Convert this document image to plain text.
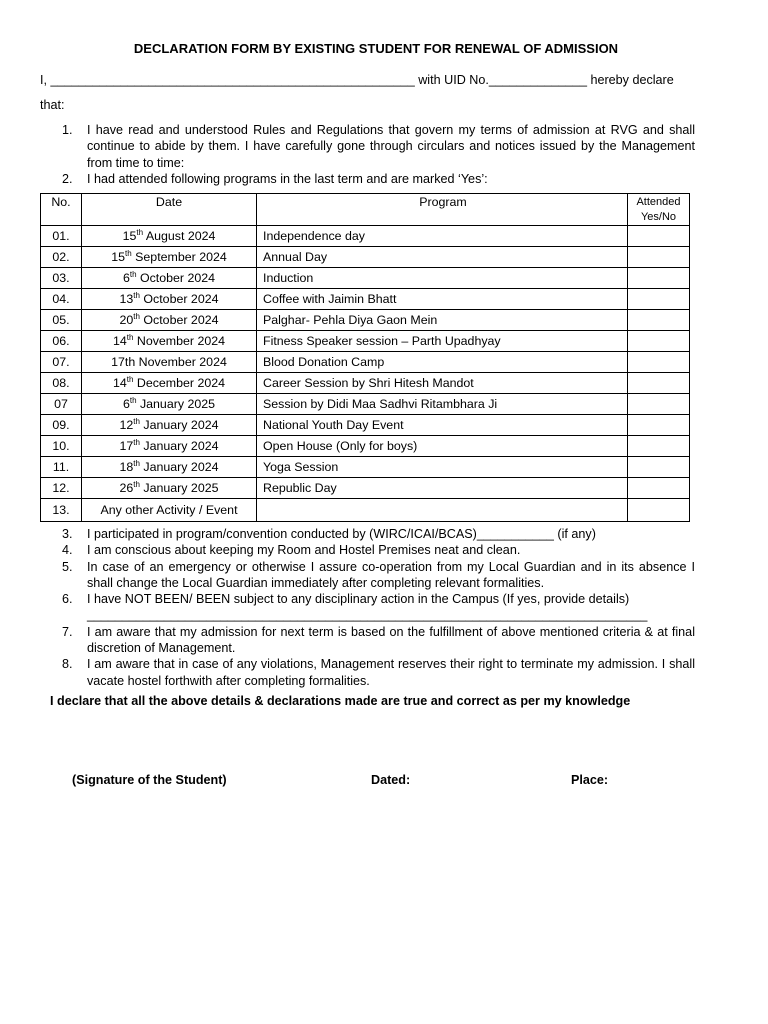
DECLARATION FORM BY EXISTING STUDENT FOR RENEWAL OF ADMISSION
I, ____________________________________________________ with UID No.______________ hereby declare
that:
1.	I have read and understood Rules and Regulations that govern my terms of admission at RVG and shall continue to abide by them. I have carefully gone through circulars and notices issued by the Management from time to time:
2.	I had attended following programs in the last term and are marked ‘Yes’:
No.	Date	Program	Attended Yes/No
01.	15th August 2024	Independence day	
02.	15th September 2024	Annual Day	
03.	6th October 2024	Induction	
04.	13th October 2024	Coffee with Jaimin Bhatt	
05.	20th October 2024	Palghar- Pehla Diya Gaon Mein	
06.	14th November 2024	Fitness Speaker session – Parth Upadhyay	
07.	17th November 2024	Blood Donation Camp	
08.	14th December 2024	Career Session by Shri Hitesh Mandot	
07	6th January 2025	Session by Didi Maa Sadhvi Ritambhara Ji	
09.	12th January 2024	National Youth Day Event	
10.	17th January 2024	Open House (Only for boys)	
11.	18th January 2024	Yoga Session	
12.	26th January 2025	Republic Day	
13.	Any other Activity / Event		
3.	I participated in program/convention conducted by (WIRC/ICAI/BCAS)___________ (if any)
4.	I am conscious about keeping my Room and Hostel Premises neat and clean.
5.	In case of an emergency or otherwise I assure co-operation from my Local Guardian and in its absence I shall change the Local Guardian immediately after completing relevant formalities.
6.	I have NOT BEEN/ BEEN subject to any disciplinary action in the Campus (If yes, provide details)
________________________________________________________________________________
7.	I am aware that my admission for next term is based on the fulfillment of above mentioned criteria & at final discretion of Management.
8.	I am aware that in case of any violations, Management reserves their right to terminate my admission. I shall vacate hostel forthwith after completing formalities.
I declare that all the above details & declarations made are true and correct as per my knowledge
(Signature of the Student)	Dated:	Place:
